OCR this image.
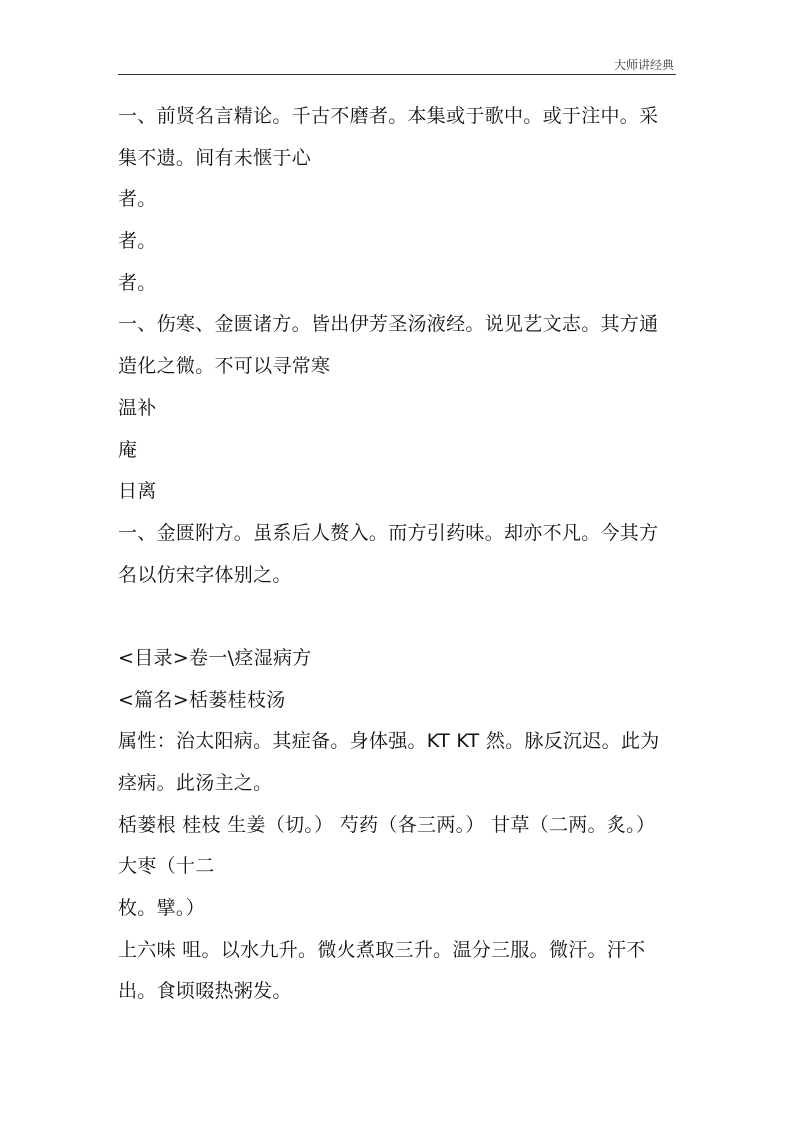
大师讲经典
一、前贤名言精论。千古不磨者。本集或于歌中。或于注中。采
集不遗。间有未惬于心
者。
者。
者。
一、伤寒、金匮诸方。皆出伊芳圣汤液经。说见艺文志。其方通
造化之微。不可以寻常寒
温补
庵
日离
一、金匮附方。虽系后人赘入。而方引药味。却亦不凡。今其方
名以仿宋字体别之。
<目录>卷一\痉湿病方
<篇名>栝蒌桂枝汤
属性：治太阳病。其症备。身体强。KT KT 然。脉反沉迟。此为
痉病。此汤主之。
栝蒌根 桂枝 生姜（切。） 芍药（各三两。） 甘草（二两。炙。）
大枣（十二
枚。擘。）
上六味 咀。以水九升。微火煮取三升。温分三服。微汗。汗不
出。食顷啜热粥发。
